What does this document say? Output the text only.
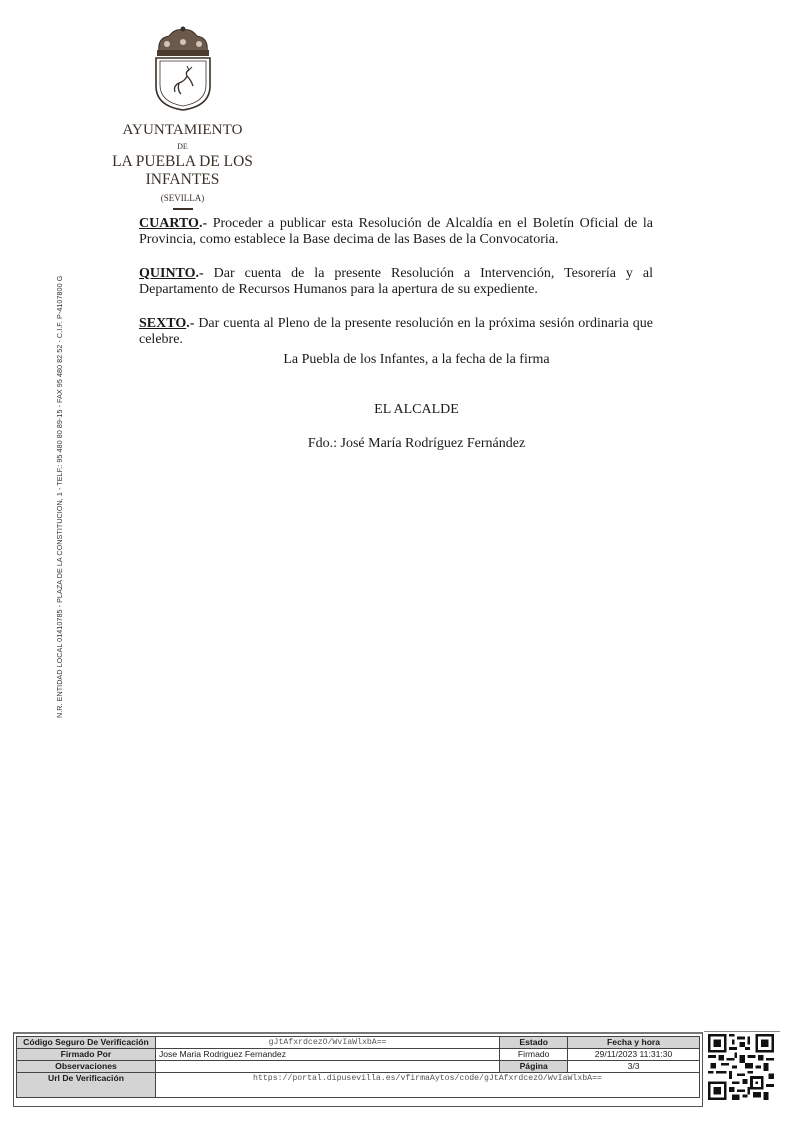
AYUNTAMIENTO
DE
LA PUEBLA DE LOS INFANTES
(SEVILLA)
N.R. ENTIDAD LOCAL 01410785 - PLAZA DE LA CONSTITUCION, 1 - TELF.: 95 480 80 89-15 - FAX 95 480 82 52 - C.I.F. P-4107800 G

CUARTO.- Proceder a publicar esta Resolución de Alcaldía en el Boletín Oficial de la Provincia, como establece la Base decima de las Bases de la Convocatoria.

QUINTO.- Dar cuenta de la presente Resolución a Intervención, Tesorería y al Departamento de Recursos Humanos para la apertura de su expediente.

SEXTO.- Dar cuenta al Pleno de la presente resolución en la próxima sesión ordinaria que celebre.

La Puebla de los Infantes, a la fecha de la firma
EL ALCALDE
Fdo.: José María Rodríguez Fernández
Código Seguro De Verificación	gJtAfxrdcezO/WvIaWlxbA==	Estado	Fecha y hora
Firmado Por	Jose Maria Rodriguez Fernandez	Firmado	29/11/2023 11:31:30
Observaciones		Página	3/3
Url De Verificación	https://portal.dipusevilla.es/vfirmaAytos/code/gJtAfxrdcezO/WvIaWlxbA==		
